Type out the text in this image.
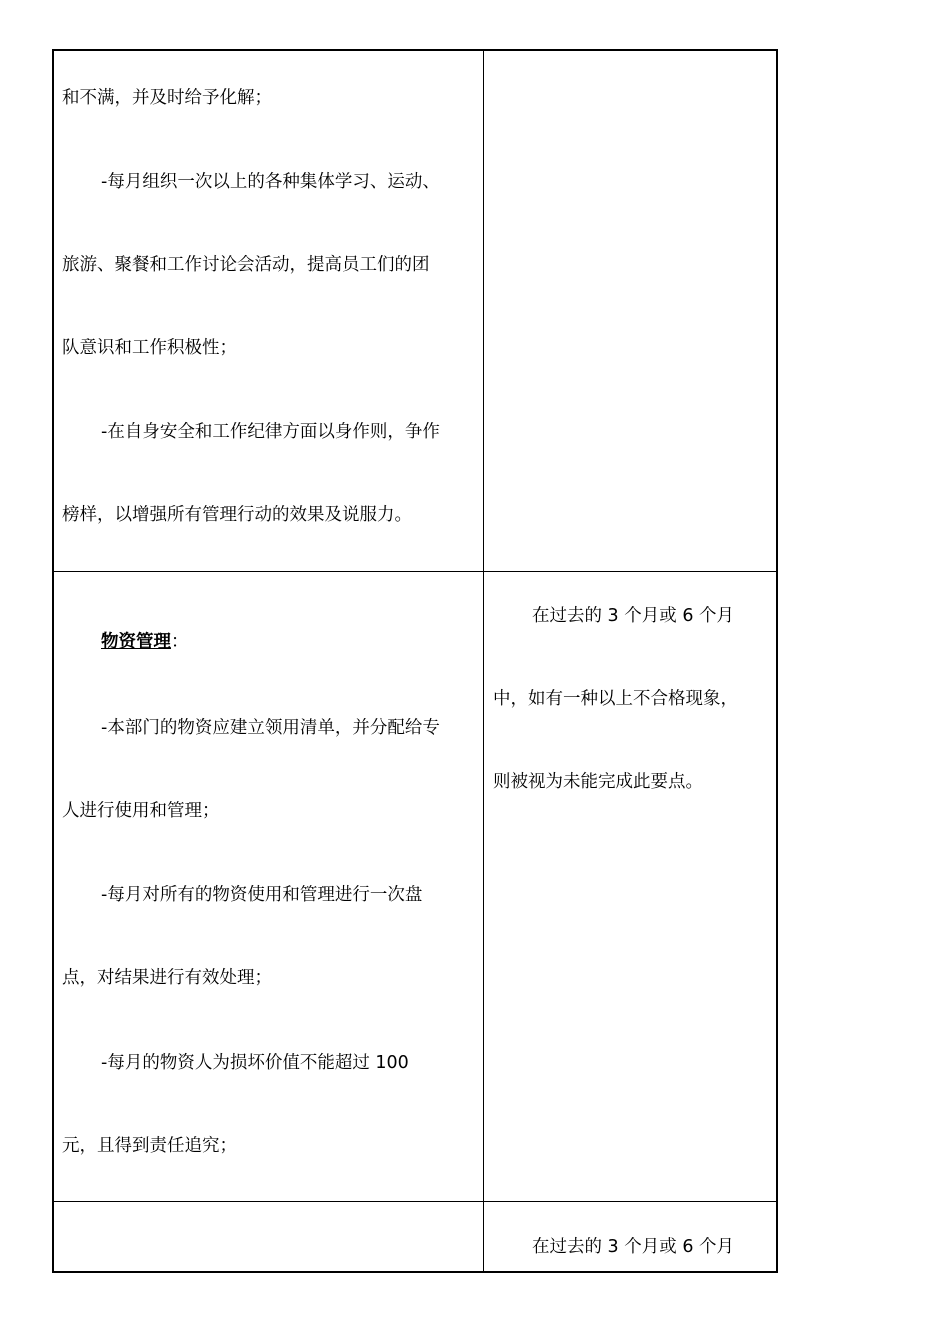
和不满，并及时给予化解；
-每月组织一次以上的各种集体学习、运动、
旅游、聚餐和工作讨论会活动，提高员工们的团
队意识和工作积极性；
-在自身安全和工作纪律方面以身作则，争作
榜样，以增强所有管理行动的效果及说服力。
物资管理：
-本部门的物资应建立领用清单，并分配给专
人进行使用和管理；
-每月对所有的物资使用和管理进行一次盘
点，对结果进行有效处理；
-每月的物资人为损坏价值不能超过 100
元，且得到责任追究；
在过去的 3 个月或 6 个月
中，如有一种以上不合格现象，
则被视为未能完成此要点。
在过去的 3 个月或 6 个月
